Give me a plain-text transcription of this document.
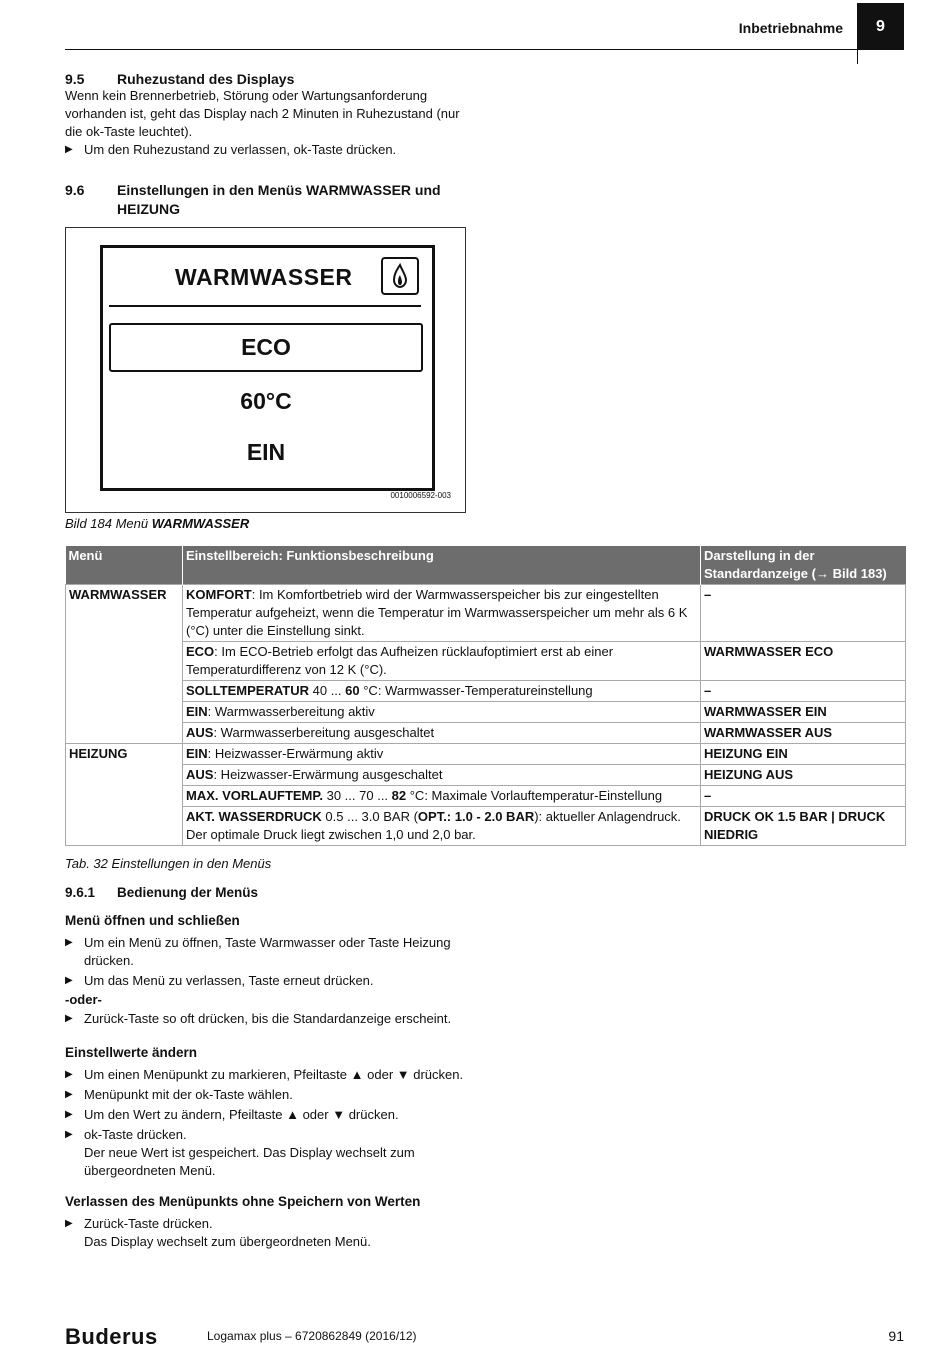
Inbetriebnahme	9
9.5 Ruhezustand des Displays

Wenn kein Brennerbetrieb, Störung oder Wartungsanforderung vorhanden ist, geht das Display nach 2 Minuten in Ruhezustand (nur die ok-Taste leuchtet).

▶ Um den Ruhezustand zu verlassen, ok-Taste drücken.
9.6 Einstellungen in den Menüs WARMWASSER und HEIZUNG
WARMWASSER
ECO
60°C
EIN
0010006592-003
Bild 184 Menü WARMWASSER
Menü	Einstellbereich: Funktionsbeschreibung	Darstellung in der Standardanzeige (→ Bild 183)
WARMWASSER	KOMFORT: Im Komfortbetrieb wird der Warmwasserspeicher bis zur eingestellten Temperatur aufgeheizt, wenn die Temperatur im Warmwasserspeicher um mehr als 6 K (°C) unter die Einstellung sinkt.	–
	ECO: Im ECO-Betrieb erfolgt das Aufheizen rücklaufoptimiert erst ab einer Temperaturdifferenz von 12 K (°C).	WARMWASSER ECO
	SOLLTEMPERATUR 40 ... 60 °C: Warmwasser-Temperatureinstellung	–
	EIN: Warmwasserbereitung aktiv	WARMWASSER EIN
	AUS: Warmwasserbereitung ausgeschaltet	WARMWASSER AUS
HEIZUNG	EIN: Heizwasser-Erwärmung aktiv	HEIZUNG EIN
	AUS: Heizwasser-Erwärmung ausgeschaltet	HEIZUNG AUS
	MAX. VORLAUFTEMP. 30 ... 70 ... 82 °C: Maximale Vorlauftemperatur-Einstellung	–
	AKT. WASSERDRUCK 0.5 ... 3.0 BAR (OPT.: 1.0 - 2.0 BAR): aktueller Anlagendruck. Der optimale Druck liegt zwischen 1,0 und 2,0 bar.	DRUCK OK 1.5 BAR | DRUCK NIEDRIG
Tab. 32 Einstellungen in den Menüs
9.6.1 Bedienung der Menüs
Menü öffnen und schließen
▶ Um ein Menü zu öffnen, Taste Warmwasser oder Taste Heizung drücken.
▶ Um das Menü zu verlassen, Taste erneut drücken.
-oder-
▶ Zurück-Taste so oft drücken, bis die Standardanzeige erscheint.
Einstellwerte ändern
▶ Um einen Menüpunkt zu markieren, Pfeiltaste ▲ oder ▼ drücken.
▶ Menüpunkt mit der ok-Taste wählen.
▶ Um den Wert zu ändern, Pfeiltaste ▲ oder ▼ drücken.
▶ ok-Taste drücken.

Der neue Wert ist gespeichert. Das Display wechselt zum übergeordneten Menü.

Verlassen des Menüpunkts ohne Speichern von Werten
▶ Zurück-Taste drücken.

Das Display wechselt zum übergeordneten Menü.

Buderus	Logamax plus – 6720862849 (2016/12)	91
